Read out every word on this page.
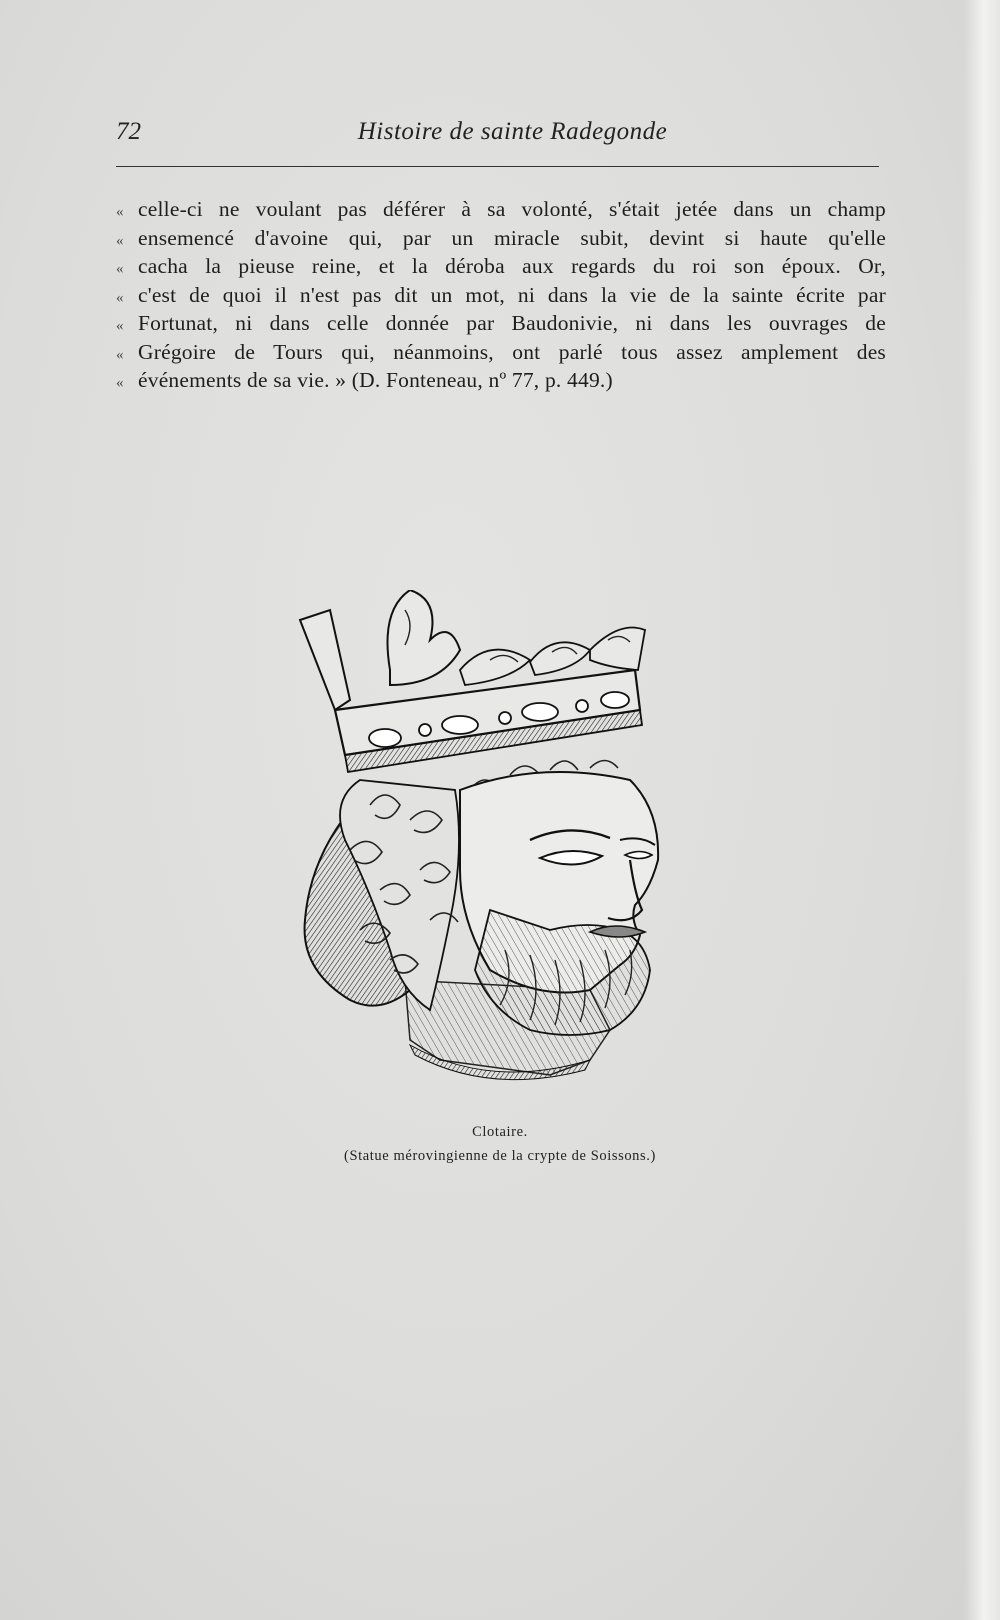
72	Histoire de sainte Radegonde
« celle-ci ne voulant pas déférer à sa volonté, s'était jetée dans un champ
« ensemencé d'avoine qui, par un miracle subit, devint si haute qu'elle
« cacha la pieuse reine, et la déroba aux regards du roi son époux. Or,
« c'est de quoi il n'est pas dit un mot, ni dans la vie de la sainte écrite par
« Fortunat, ni dans celle donnée par Baudonivie, ni dans les ouvrages de
« Grégoire de Tours qui, néanmoins, ont parlé tous assez amplement des
« événements de sa vie. » (D. Fonteneau, nº 77, p. 449.)
Clotaire.
(Statue mérovingienne de la crypte de Soissons.)
